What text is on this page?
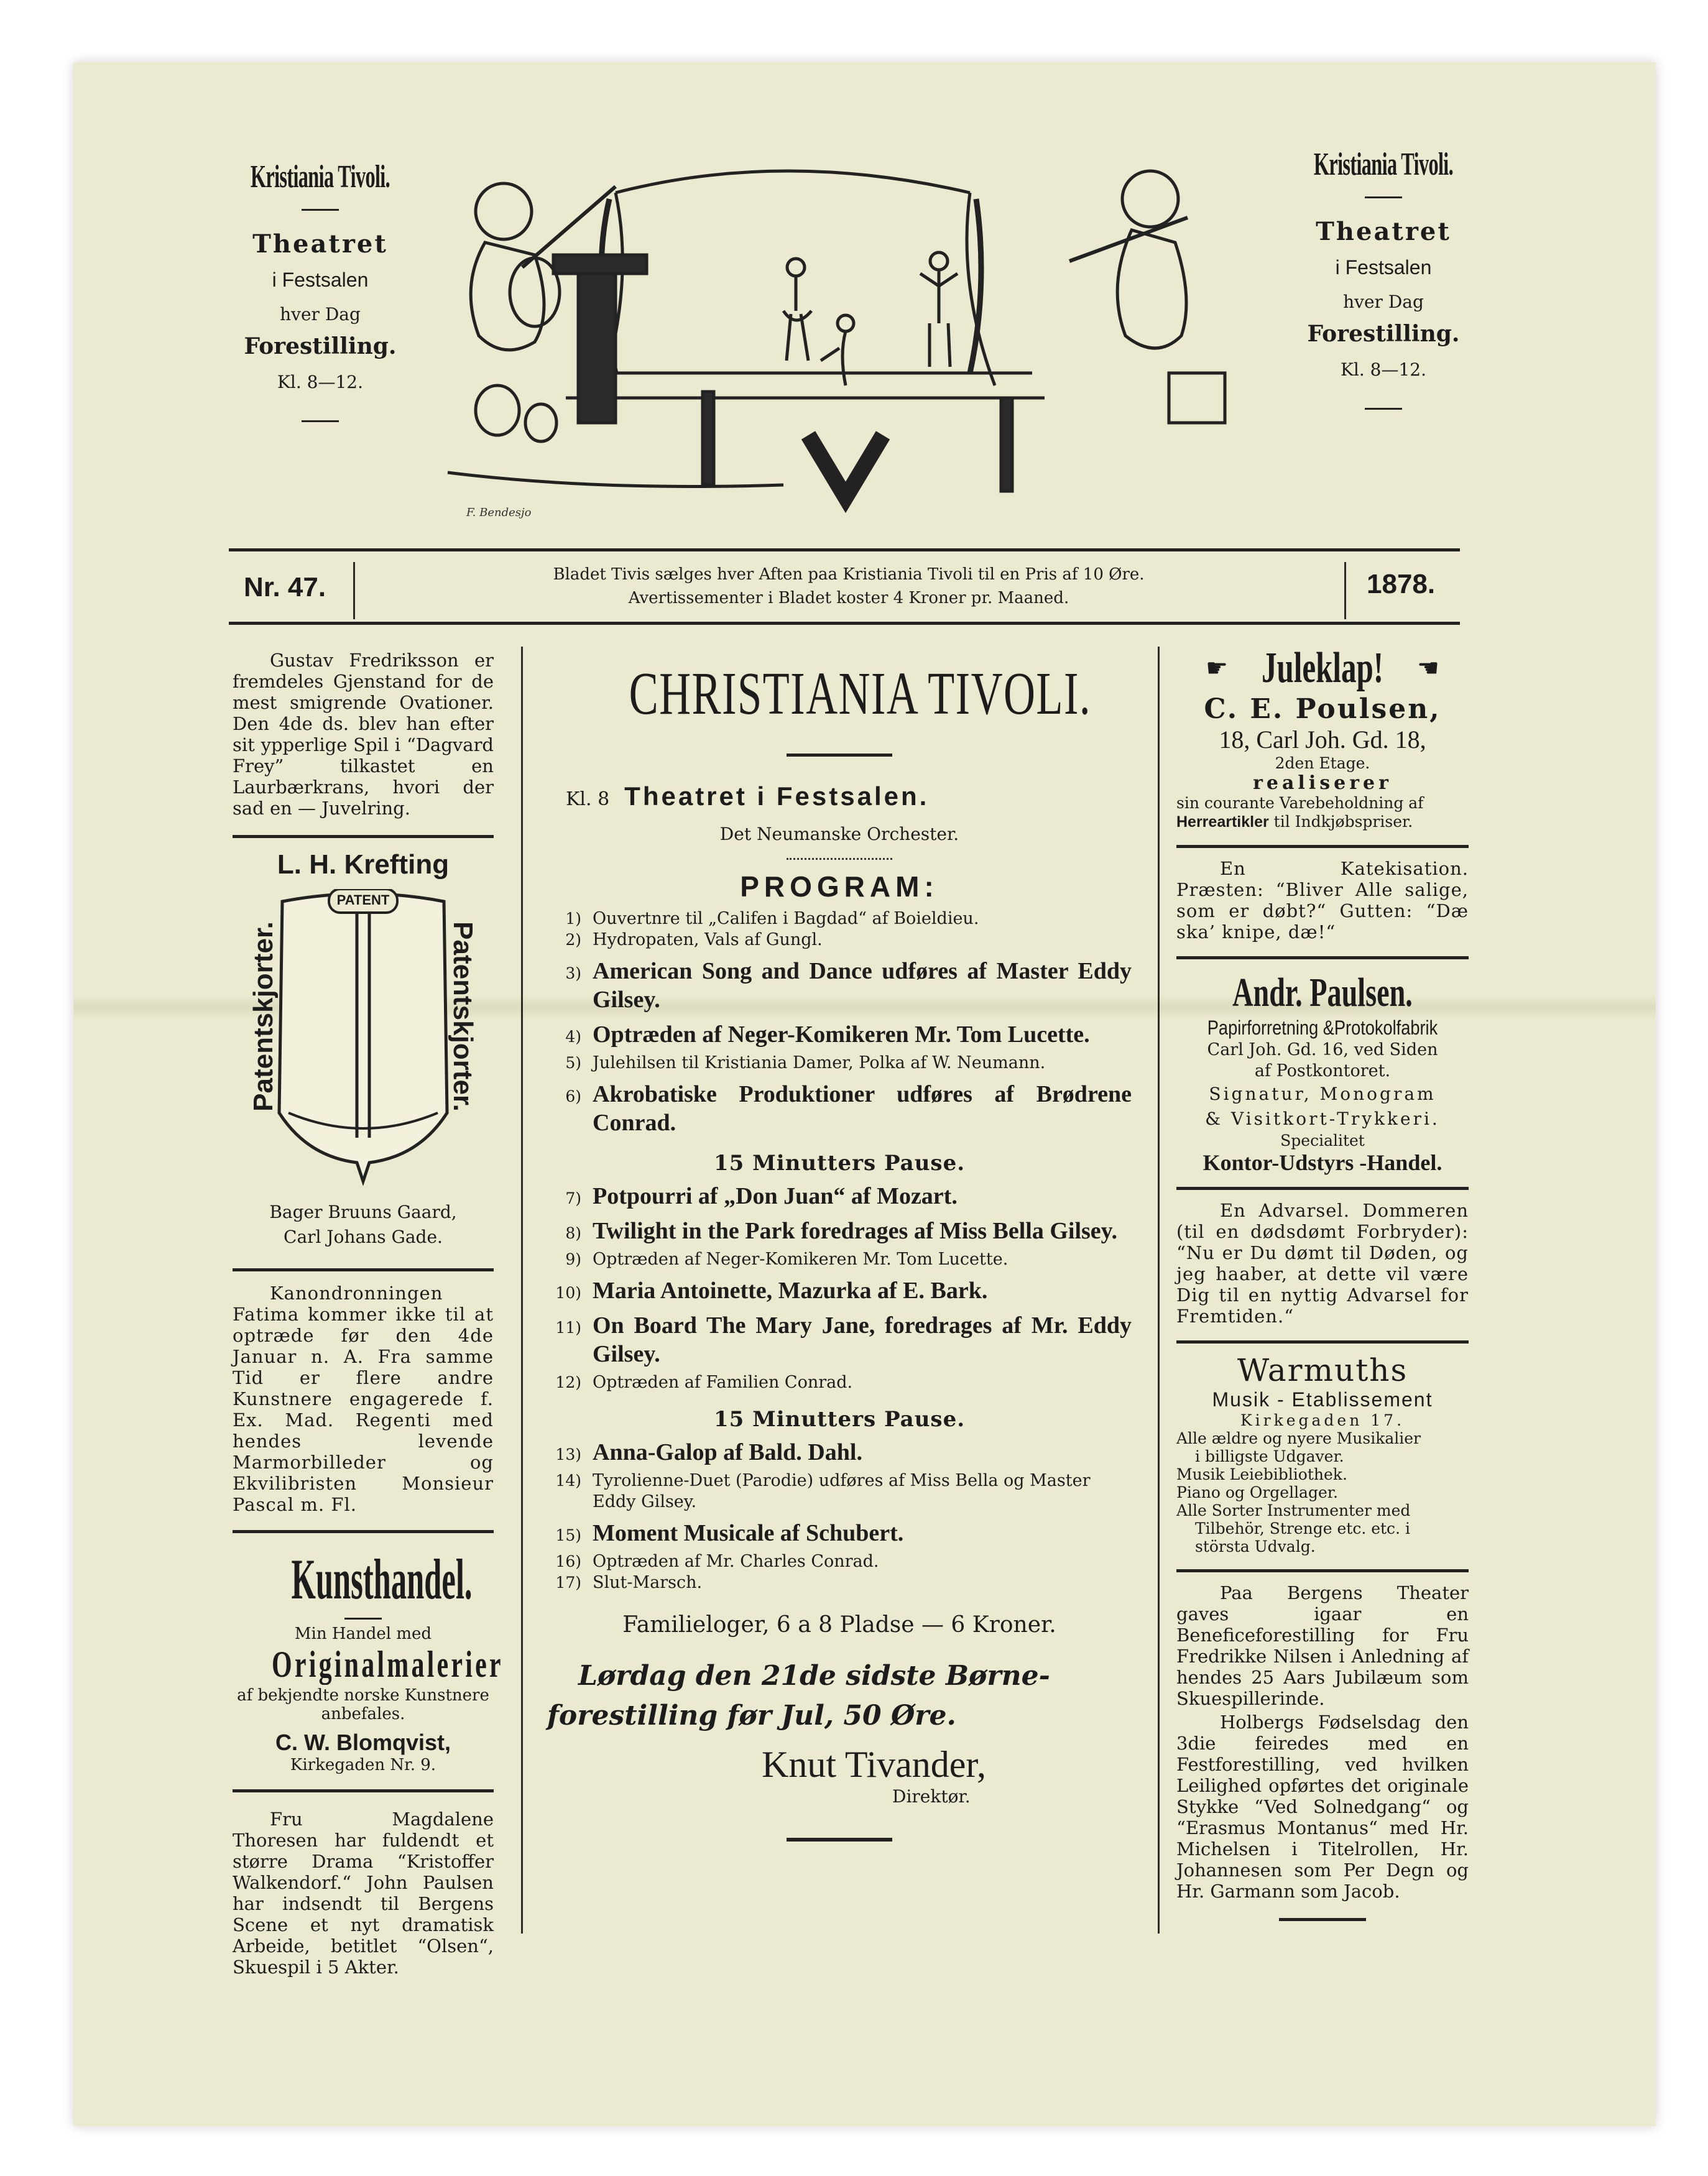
Kristiania Tivoli.
Theatret
i Festsalen
hver Dag
Forestilling.
Kl. 8—12.
Kristiania Tivoli.
Theatret
i Festsalen
hver Dag
Forestilling.
Kl. 8—12.
F. Bendesjo
Nr. 47.	Bladet Tivis sælges hver Aften paa Kristiania Tivoli til en Pris af 10 Øre.
Avertissementer i Bladet koster 4 Kroner pr. Maaned.	1878.

Gustav Fredriksson er fremdeles Gjenstand for de mest smigrende Ovationer. Den 4de ds. blev han efter sit ypperlige Spil i “Dagvard Frey” tilkastet en Laurbærkrans, hvori der sad en — Juvelring.

L. H. Krefting
Patentskjorter.	Patentskjorter.
PATENT
Bager Bruuns Gaard,
Carl Johans Gade.

Kanondronningen Fatima kommer ikke til at optræde før den 4de Januar n. A. Fra samme Tid er flere andre Kunstnere engagerede f. Ex. Mad. Regenti med hendes levende Marmorbilleder og Ekvilibristen Monsieur Pascal m. Fl.

Kunsthandel.
Min Handel med
Originalmalerier
af bekjendte norske Kunstnere anbefales.
C. W. Blomqvist,
Kirkegaden Nr. 9.

Fru Magdalene Thoresen har fuldendt et større Drama “Kristoffer Walkendorf.“ John Paulsen har indsendt til Bergens Scene et nyt dramatisk Arbeide, betitlet “Olsen“, Skuespil i 5 Akter.

CHRISTIANIA TIVOLI.
Kl. 8 Theatret i Festsalen.
Det Neumanske Orchester.
PROGRAM:
1) Ouvertnre til „Califen i Bagdad“ af Boieldieu.
2) Hydropaten, Vals af Gungl.
3) American Song and Dance udføres af Master Eddy Gilsey.
4) Optræden af Neger-Komikeren Mr. Tom Lucette.
5) Julehilsen til Kristiania Damer, Polka af W. Neumann.
6) Akrobatiske Produktioner udføres af Brødrene Conrad.
15 Minutters Pause.
7) Potpourri af „Don Juan“ af Mozart.
8) Twilight in the Park foredrages af Miss Bella Gilsey.
9) Optræden af Neger-Komikeren Mr. Tom Lucette.
10) Maria Antoinette, Mazurka af E. Bark.
11) On Board The Mary Jane, foredrages af Mr. Eddy Gilsey.
12) Optræden af Familien Conrad.
15 Minutters Pause.
13) Anna-Galop af Bald. Dahl.
14) Tyrolienne-Duet (Parodie) udføres af Miss Bella og Master Eddy Gilsey.
15) Moment Musicale af Schubert.
16) Optræden af Mr. Charles Conrad.
17) Slut-Marsch.
Familieloger, 6 a 8 Pladse — 6 Kroner.
Lørdag den 21de sidste Børne-
forestilling før Jul, 50 Øre.
Knut Tivander,
Direktør.
☛ Juleklap! ☛
C. E. Poulsen,
18, Carl Joh. Gd. 18,
2den Etage.
realiserer
sin courante Varebeholdning af Herreartikler til Indkjøbspriser.

En Katekisation. Præsten: “Bliver Alle salige, som er døbt?“ Gutten: “Dæ ska’ knipe, dæ!“

Andr. Paulsen.
Papirforretning &Protokolfabrik
Carl Joh. Gd. 16, ved Siden
af Postkontoret.
Signatur, Monogram
& Visitkort-Trykkeri.
Specialitet
Kontor-Udstyrs -Handel.

En Advarsel. Dommeren (til en dødsdømt Forbryder): “Nu er Du dømt til Døden, og jeg haaber, at dette vil være Dig til en nyttig Advarsel for Fremtiden.“

Warmuths
Musik - Etablissement
Kirkegaden 17.
Alle ældre og nyere Musikalier
i billigste Udgaver.
Musik Leiebibliothek.
Piano og Orgellager.
Alle Sorter Instrumenter med
Tilbehör, Strenge etc. etc. i
största Udvalg.

Paa Bergens Theater gaves igaar en Beneficeforestilling for Fru Fredrikke Nilsen i Anledning af hendes 25 Aars Jubilæum som Skuespillerinde.

Holbergs Fødselsdag den 3die feiredes med en Festforestilling, ved hvilken Leilighed opførtes det originale Stykke “Ved Solnedgang“ og “Erasmus Montanus“ med Hr. Michelsen i Titelrollen, Hr. Johannesen som Per Degn og Hr. Garmann som Jacob.
